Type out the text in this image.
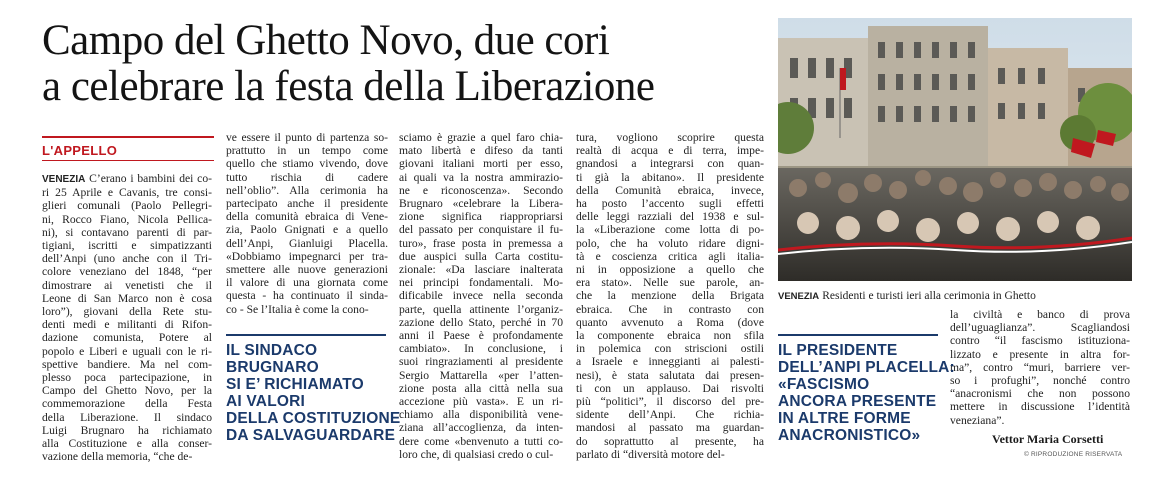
Campo del Ghetto Novo, due cori
a celebrare la festa della Liberazione
L'APPELLO
VENEZIA C’erano i bambini dei co-
ri 25 Aprile e Cavanis, tre consi-
glieri comunali (Paolo Pellegri-
ni, Rocco Fiano, Nicola Pellica-
ni), si contavano parenti di par-
tigiani, iscritti e simpatizzanti
dell’Anpi (uno anche con il Tri-
colore veneziano del 1848, “per
dimostrare ai venetisti che il
Leone di San Marco non è cosa
loro”), giovani della Rete stu-
denti medi e militanti di Rifon-
dazione comunista, Potere al
popolo e Liberi e uguali con le ri-
spettive bandiere. Ma nel com-
plesso poca partecipazione, in
Campo del Ghetto Novo, per la
commemorazione della Festa
della Liberazione. Il sindaco
Luigi Brugnaro ha richiamato
alla Costituzione e alla conser-
vazione della memoria, “che de-
ve essere il punto di partenza so-
prattutto in un tempo come
quello che stiamo vivendo, dove
tutto rischia di cadere
nell’oblio”. Alla cerimonia ha
partecipato anche il presidente
della comunità ebraica di Vene-
zia, Paolo Gnignati e a quello
dell’Anpi, Gianluigi Placella.
«Dobbiamo impegnarci per tra-
smettere alle nuove generazioni
il valore di una giornata come
questa - ha continuato il sinda-
co - Se l’Italia è come la cono-
sciamo è grazie a quel faro chia-
mato libertà e difeso da tanti
giovani italiani morti per esso,
ai quali va la nostra ammirazio-
ne e riconoscenza». Secondo
Brugnaro «celebrare la Libera-
zione significa riappropriarsi
del passato per conquistare il fu-
turo», frase posta in premessa a
due auspici sulla Carta costitu-
zionale: «Da lasciare inalterata
nei principi fondamentali. Mo-
dificabile invece nella seconda
parte, quella attinente l’organiz-
zazione dello Stato, perché in 70
anni il Paese è profondamente
cambiato». In conclusione, i
suoi ringraziamenti al presidente
Sergio Mattarella «per l’atten-
zione posta alla città nella sua
accezione più vasta». E un ri-
chiamo alla disponibilità vene-
ziana all’accoglienza, da inten-
dere come «benvenuto a tutti co-
loro che, di qualsiasi credo o cul-
tura, vogliono scoprire questa
realtà di acqua e di terra, impe-
gnandosi a integrarsi con quan-
ti già la abitano». Il presidente
della Comunità ebraica, invece,
ha posto l’accento sugli effetti
delle leggi razziali del 1938 e sul-
la «Liberazione come lotta di po-
polo, che ha voluto ridare digni-
tà e coscienza critica agli italia-
ni in opposizione a quello che
era stato». Nelle sue parole, an-
che la menzione della Brigata
ebraica. Che in contrasto con
quanto avvenuto a Roma (dove
la componente ebraica non sfila
in polemica con striscioni ostili
a Israele e inneggianti ai palesti-
nesi), è stata salutata dai presen-
ti con un applauso. Dai risvolti
più “politici”, il discorso del pre-
sidente dell’Anpi. Che richia-
mandosi al passato ma guardan-
do soprattutto al presente, ha
parlato di “diversità motore del-
la civiltà e banco di prova
dell’uguaglianza”. Scagliandosi
contro “il fascismo istituziona-
lizzato e presente in altra for-
ma”, contro “muri, barriere ver-
so i profughi”, nonché contro
“anacronismi che non possono
mettere in discussione l’identità
veneziana”.
IL SINDACO
BRUGNARO
SI E’ RICHIAMATO
AI VALORI
DELLA COSTITUZIONE
DA SALVAGUARDARE
IL PRESIDENTE
DELL’ANPI PLACELLA:
«FASCISMO
ANCORA PRESENTE
IN ALTRE FORME
ANACRONISTICO»
VENEZIA Residenti e turisti ieri alla cerimonia in Ghetto
Vettor Maria Corsetti
© RIPRODUZIONE RISERVATA
